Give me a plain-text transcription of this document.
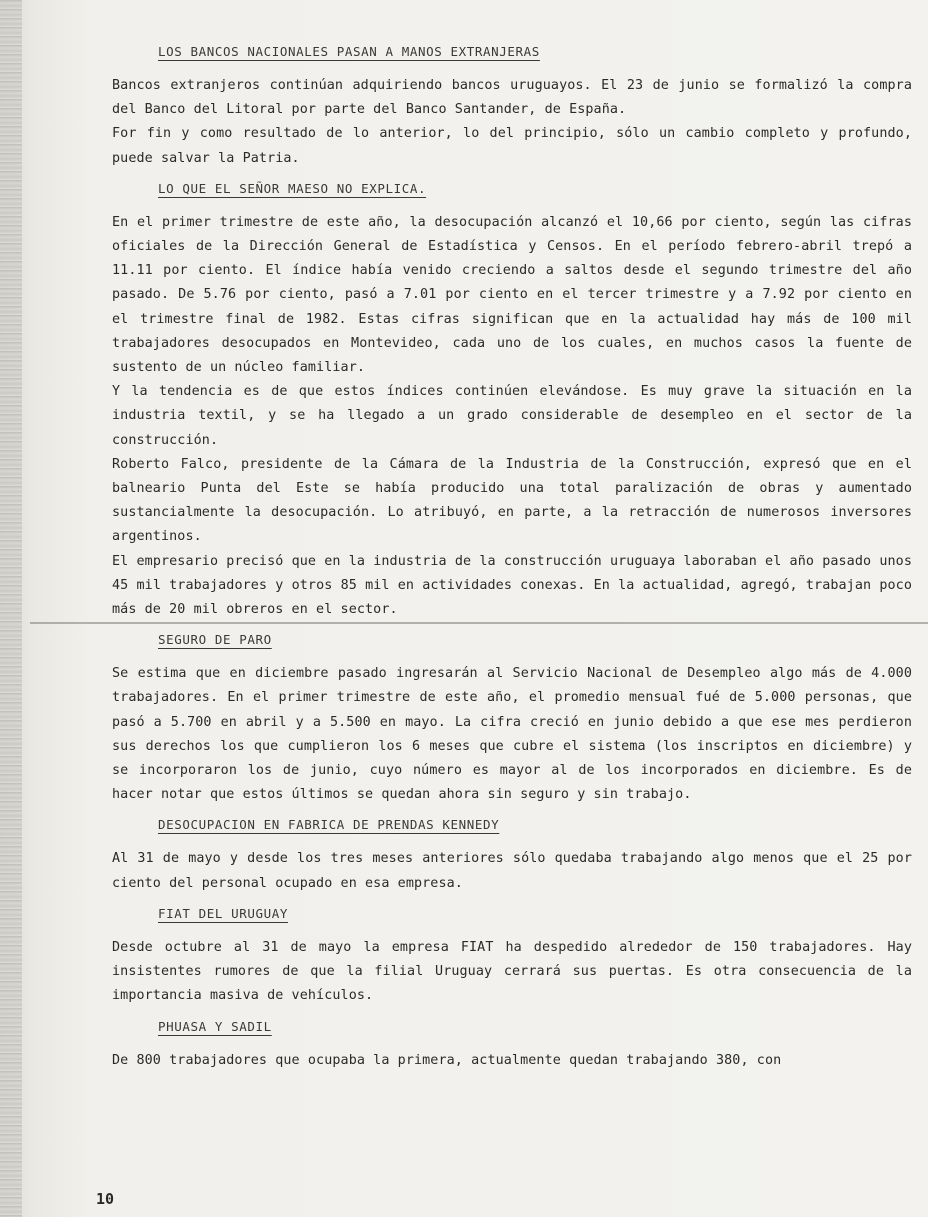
LOS BANCOS NACIONALES PASAN A MANOS EXTRANJERAS

Bancos extranjeros continúan adquiriendo bancos uruguayos. El 23 de junio se formalizó la compra del Banco del Litoral por parte del Banco Santander, de España.

For fin y como resultado de lo anterior, lo del principio, sólo un cambio completo y profundo, puede salvar la Patria.

LO QUE EL SEÑOR MAESO NO EXPLICA.

En el primer trimestre de este año, la desocupación alcanzó el 10,66 por ciento, según las cifras oficiales de la Dirección General de Estadística y Censos. En el período febrero-abril trepó a 11.11 por ciento. El índice había venido creciendo a saltos desde el segundo trimestre del año pasado. De 5.76 por ciento, pasó a 7.01 por ciento en el tercer trimestre y a 7.92 por ciento en el trimestre final de 1982. Estas cifras significan que en la actualidad hay más de 100 mil trabajadores desocupados en Montevideo, cada uno de los cuales, en muchos casos la fuente de sustento de un núcleo familiar.

Y la tendencia es de que estos índices continúen elevándose. Es muy grave la situación en la industria textil, y se ha llegado a un grado considerable de desempleo en el sector de la construcción.

Roberto Falco, presidente de la Cámara de la Industria de la Construcción, expresó que en el balneario Punta del Este se había producido una total paralización de obras y aumentado sustancialmente la desocupación. Lo atribuyó, en parte, a la retracción de numerosos inversores argentinos.

El empresario precisó que en la industria de la construcción uruguaya laboraban el año pasado unos 45 mil trabajadores y otros 85 mil en actividades conexas. En la actualidad, agregó, trabajan poco más de 20 mil obreros en el sector.

SEGURO DE PARO

Se estima que en diciembre pasado ingresarán al Servicio Nacional de Desempleo algo más de 4.000 trabajadores. En el primer trimestre de este año, el promedio mensual fué de 5.000 personas, que pasó a 5.700 en abril y a 5.500 en mayo. La cifra creció en junio debido a que ese mes perdieron sus derechos los que cumplieron los 6 meses que cubre el sistema (los inscriptos en diciembre) y se incorporaron los de junio, cuyo número es mayor al de los incorporados en diciembre. Es de hacer notar que estos últimos se quedan ahora sin seguro y sin trabajo.

DESOCUPACION EN FABRICA DE PRENDAS KENNEDY

Al 31 de mayo y desde los tres meses anteriores sólo quedaba trabajando algo menos que el 25 por ciento del personal ocupado en esa empresa.

FIAT DEL URUGUAY

Desde octubre al 31 de mayo la empresa FIAT ha despedido alrededor de 150 trabajadores. Hay insistentes rumores de que la filial Uruguay cerrará sus puertas. Es otra consecuencia de la importancia masiva de vehículos.

PHUASA Y SADIL

De 800 trabajadores que ocupaba la primera, actualmente quedan trabajando 380, con

10
